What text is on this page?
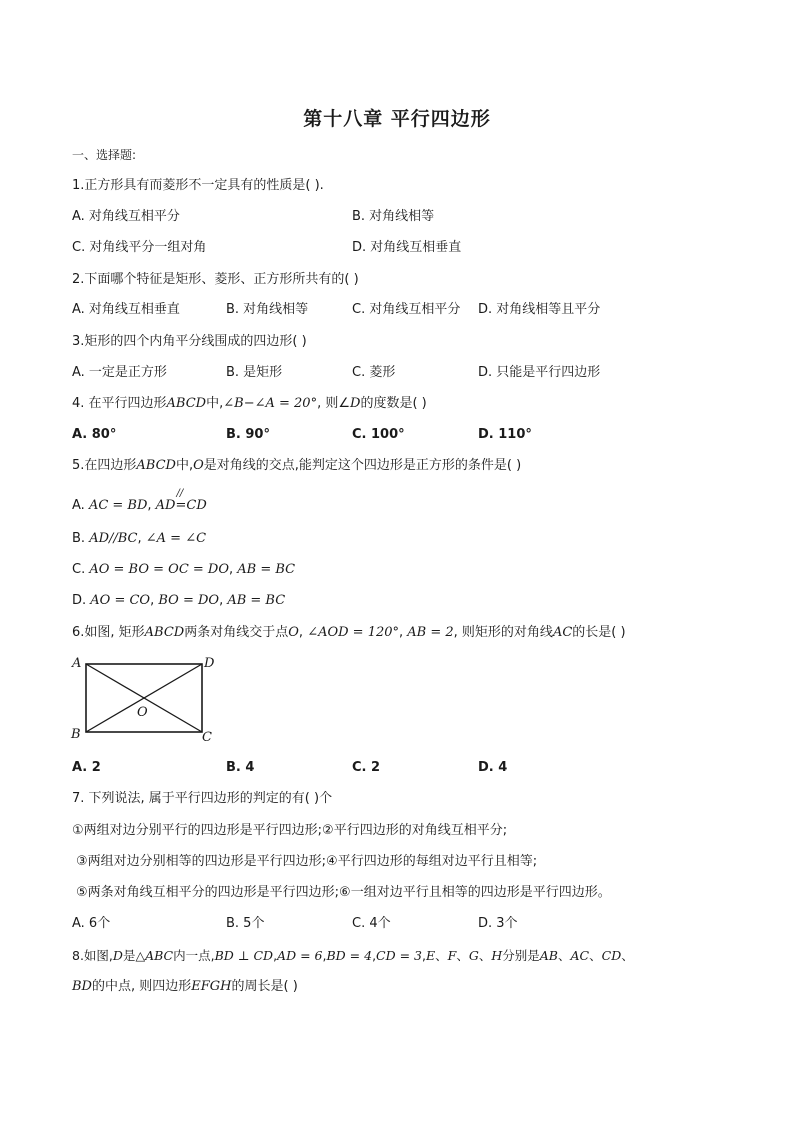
第十八章 平行四边形
一、选择题:
1.正方形具有而菱形不一定具有的性质是( ).
A. 对角线互相平分	B. 对角线相等
C. 对角线平分一组对角	D. 对角线互相垂直
2.下面哪个特征是矩形、菱形、正方形所共有的( )
A. 对角线互相垂直	B. 对角线相等	C. 对角线互相平分 D. 对角线相等且平分
3.矩形的四个内角平分线围成的四边形( )
A. 一定是正方形	B. 是矩形	C. 菱形	D. 只能是平行四边形
4. 在平行四边形ABCD中,∠B−∠A = 20°, 则∠D的度数是( )
A. 80°	B. 90°	C. 100°	D. 110°
5.在四边形ABCD中,O是对角线的交点,能判定这个四边形是正方形的条件是( )
A. AC = BD, AD
//
=CD
B. AD//BC, ∠A = ∠C
C. AO = BO = OC = DO, AB = BC
D. AO = CO, BO = DO, AB = BC
6.如图, 矩形ABCD两条对角线交于点O, ∠AOD = 120°, AB = 2, 则矩形的对角线AC的长是( )
A	D
B	C
O
A. 2	B. 4	C. 2	D. 4
7. 下列说法, 属于平行四边形的判定的有( )个
①两组对边分别平行的四边形是平行四边形;②平行四边形的对角线互相平分;
③两组对边分别相等的四边形是平行四边形;④平行四边形的每组对边平行且相等;
⑤两条对角线互相平分的四边形是平行四边形;⑥一组对边平行且相等的四边形是平行四边形。
A. 6个	B. 5个	C. 4个	D. 3个
8.如图,D是△ABC内一点,BD ⊥ CD,AD = 6,BD = 4,CD = 3,E、F、G、H分别是AB、AC、CD、
BD的中点, 则四边形EFGH的周长是( )
